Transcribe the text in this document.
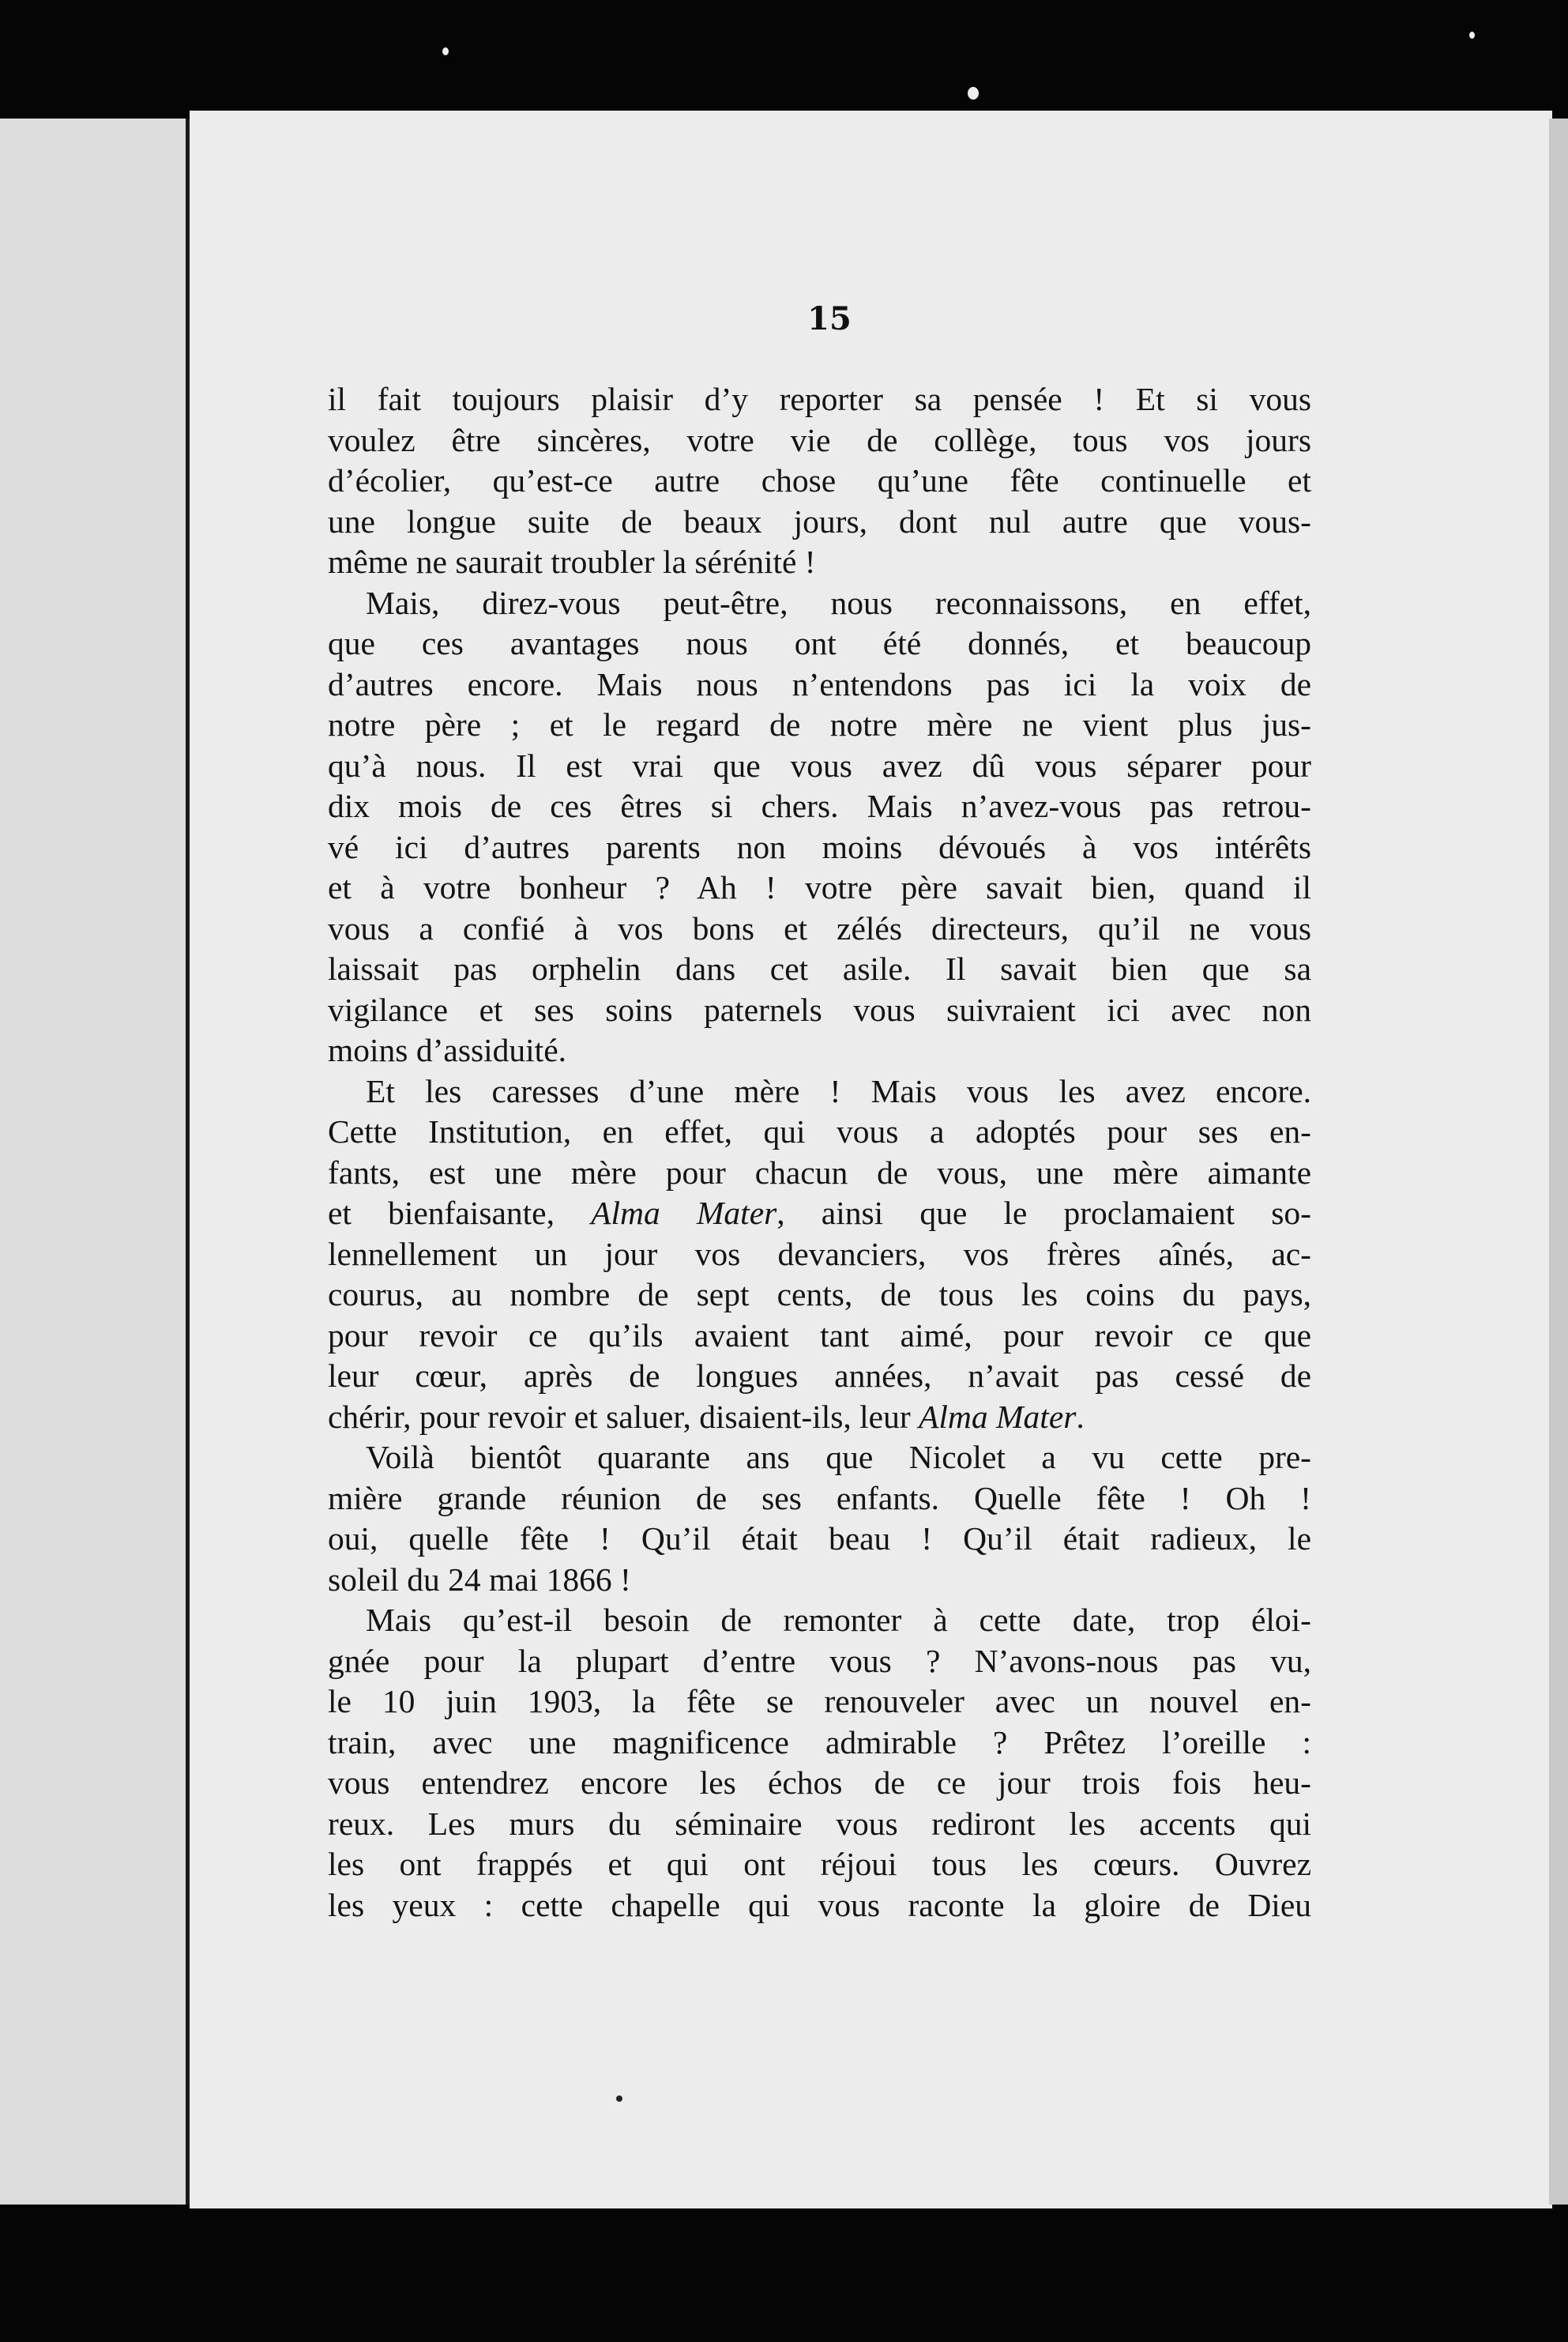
15
il fait toujours plaisir d’y reporter sa pensée ! Et si vous
voulez être sincères, votre vie de collège, tous vos jours
d’écolier, qu’est-ce autre chose qu’une fête continuelle et
une longue suite de beaux jours, dont nul autre que vous-
même ne saurait troubler la sérénité !
Mais, direz-vous peut-être, nous reconnaissons, en effet,
que ces avantages nous ont été donnés, et beaucoup
d’autres encore. Mais nous n’entendons pas ici la voix de
notre père ; et le regard de notre mère ne vient plus jus-
qu’à nous. Il est vrai que vous avez dû vous séparer pour
dix mois de ces êtres si chers. Mais n’avez-vous pas retrou-
vé ici d’autres parents non moins dévoués à vos intérêts
et à votre bonheur ? Ah ! votre père savait bien, quand il
vous a confié à vos bons et zélés directeurs, qu’il ne vous
laissait pas orphelin dans cet asile. Il savait bien que sa
vigilance et ses soins paternels vous suivraient ici avec non
moins d’assiduité.
Et les caresses d’une mère ! Mais vous les avez encore.
Cette Institution, en effet, qui vous a adoptés pour ses en-
fants, est une mère pour chacun de vous, une mère aimante
et bienfaisante, Alma Mater, ainsi que le proclamaient so-
lennellement un jour vos devanciers, vos frères aînés, ac-
courus, au nombre de sept cents, de tous les coins du pays,
pour revoir ce qu’ils avaient tant aimé, pour revoir ce que
leur cœur, après de longues années, n’avait pas cessé de
chérir, pour revoir et saluer, disaient-ils, leur Alma Mater.
Voilà bientôt quarante ans que Nicolet a vu cette pre-
mière grande réunion de ses enfants. Quelle fête ! Oh !
oui, quelle fête ! Qu’il était beau ! Qu’il était radieux, le
soleil du 24 mai 1866 !
Mais qu’est-il besoin de remonter à cette date, trop éloi-
gnée pour la plupart d’entre vous ? N’avons-nous pas vu,
le 10 juin 1903, la fête se renouveler avec un nouvel en-
train, avec une magnificence admirable ? Prêtez l’oreille :
vous entendrez encore les échos de ce jour trois fois heu-
reux. Les murs du séminaire vous rediront les accents qui
les ont frappés et qui ont réjoui tous les cœurs. Ouvrez
les yeux : cette chapelle qui vous raconte la gloire de Dieu
